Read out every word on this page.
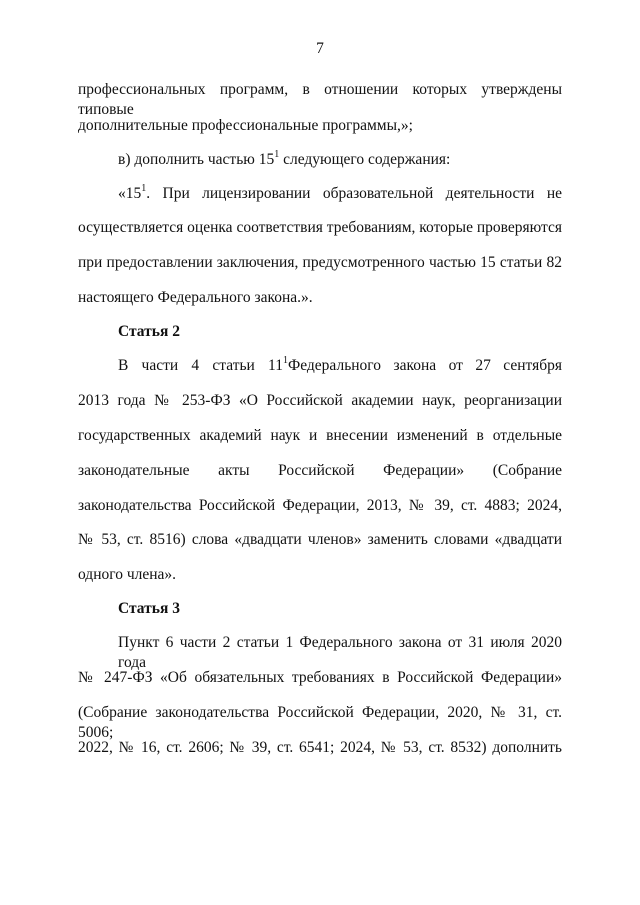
7
профессиональных программ, в отношении которых утверждены типовые
дополнительные профессиональные программы,»;
в) дополнить частью $15^1$ следующего содержания:
«$15^1$ . При лицензировании образовательной деятельности не
осуществляется оценка соответствия требованиям, которые проверяются
при предоставлении заключения, предусмотренного частью 15 статьи 82
настоящего Федерального закона.».
Статья 2
В части 4 статьи $11^1$ Федерального закона от 27 сентября
2013 года № 253-ФЗ «О Российской академии наук, реорганизации
государственных академий наук и внесении изменений в отдельные
законодательные акты Российской Федерации» (Собрание
законодательства Российской Федерации, 2013, № 39, ст. 4883; 2024,
№ 53, ст. 8516) слова «двадцати членов» заменить словами «двадцати
одного члена».
Статья 3
Пункт 6 части 2 статьи 1 Федерального закона от 31 июля 2020 года
№ 247-ФЗ «Об обязательных требованиях в Российской Федерации»
(Собрание законодательства Российской Федерации, 2020, № 31, ст. 5006;
2022, № 16, ст. 2606; № 39, ст. 6541; 2024, № 53, ст. 8532) дополнить
